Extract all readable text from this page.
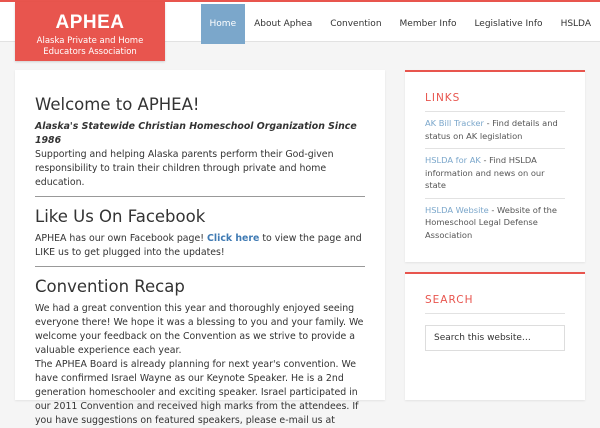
Home	About Aphea	Convention	Member Info	Legislative Info	HSLDA
APHEA
Alaska Private and Home Educators Association
Welcome to APHEA!

Alaska's Statewide Christian Homeschool Organization Since 1986

Supporting and helping Alaska parents perform their God-given responsibility to train their children through private and home education.

Like Us On Facebook

APHEA has our own Facebook page! Click here to view the page and LIKE us to get plugged into the updates!

Convention Recap

We had a great convention this year and thoroughly enjoyed seeing everyone there! We hope it was a blessing to you and your family. We welcome your feedback on the Convention as we strive to provide a valuable experience each year.

The APHEA Board is already planning for next year's convention. We have confirmed Israel Wayne as our Keynote Speaker. He is a 2nd generation homeschooler and exciting speaker. Israel participated in our 2011 Convention and received high marks from the attendees. If you have suggestions on featured speakers, please e-mail us at

LINKS
AK Bill Tracker - Find details and status on AK legislation
HSLDA for AK - Find HSLDA information and news on our state
HSLDA Website - Website of the Homeschool Legal Defense Association
SEARCH
Search this website…
